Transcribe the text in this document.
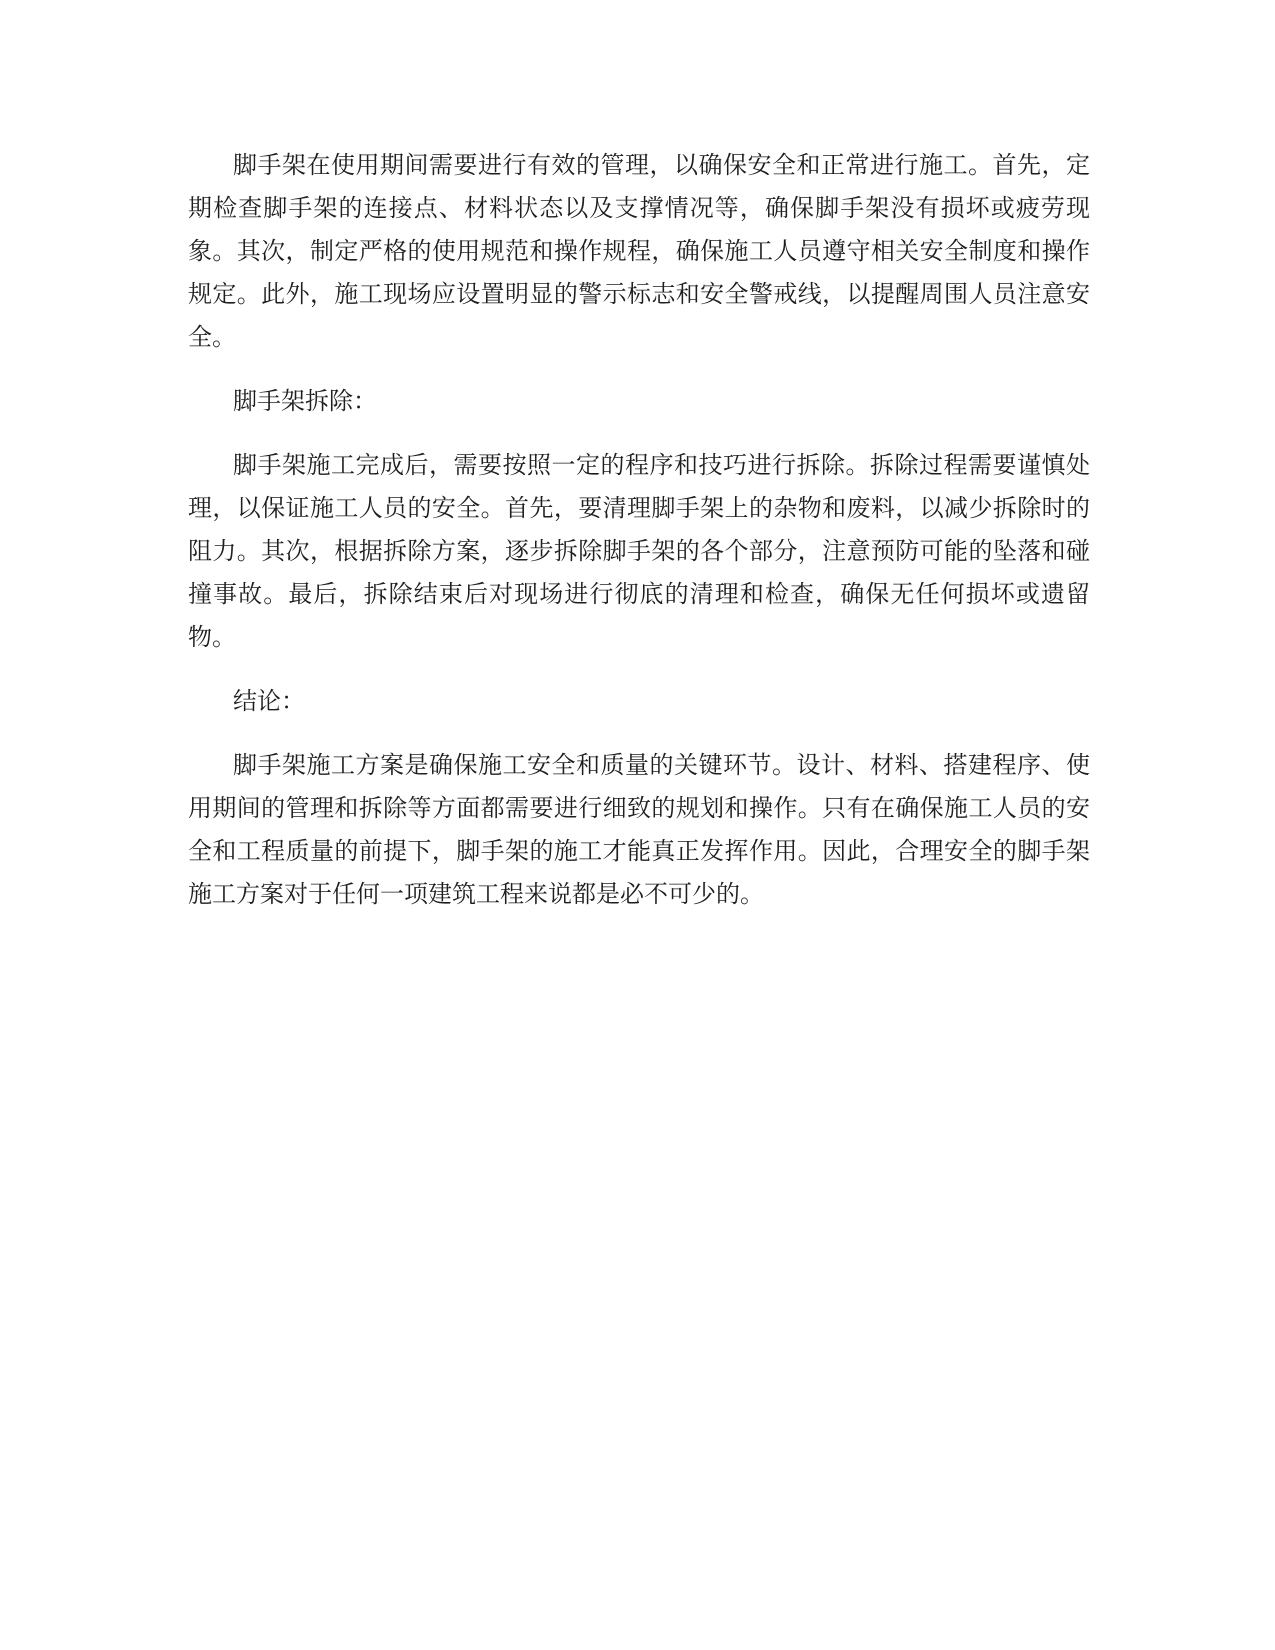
脚手架在使用期间需要进行有效的管理，以确保安全和正常进行施工。首先，定期检查脚手架的连接点、材料状态以及支撑情况等，确保脚手架没有损坏或疲劳现象。其次，制定严格的使用规范和操作规程，确保施工人员遵守相关安全制度和操作规定。此外，施工现场应设置明显的警示标志和安全警戒线，以提醒周围人员注意安全。

脚手架拆除：

脚手架施工完成后，需要按照一定的程序和技巧进行拆除。拆除过程需要谨慎处理，以保证施工人员的安全。首先，要清理脚手架上的杂物和废料，以减少拆除时的阻力。其次，根据拆除方案，逐步拆除脚手架的各个部分，注意预防可能的坠落和碰撞事故。最后，拆除结束后对现场进行彻底的清理和检查，确保无任何损坏或遗留物。

结论：

脚手架施工方案是确保施工安全和质量的关键环节。设计、材料、搭建程序、使用期间的管理和拆除等方面都需要进行细致的规划和操作。只有在确保施工人员的安全和工程质量的前提下，脚手架的施工才能真正发挥作用。因此，合理安全的脚手架施工方案对于任何一项建筑工程来说都是必不可少的。
